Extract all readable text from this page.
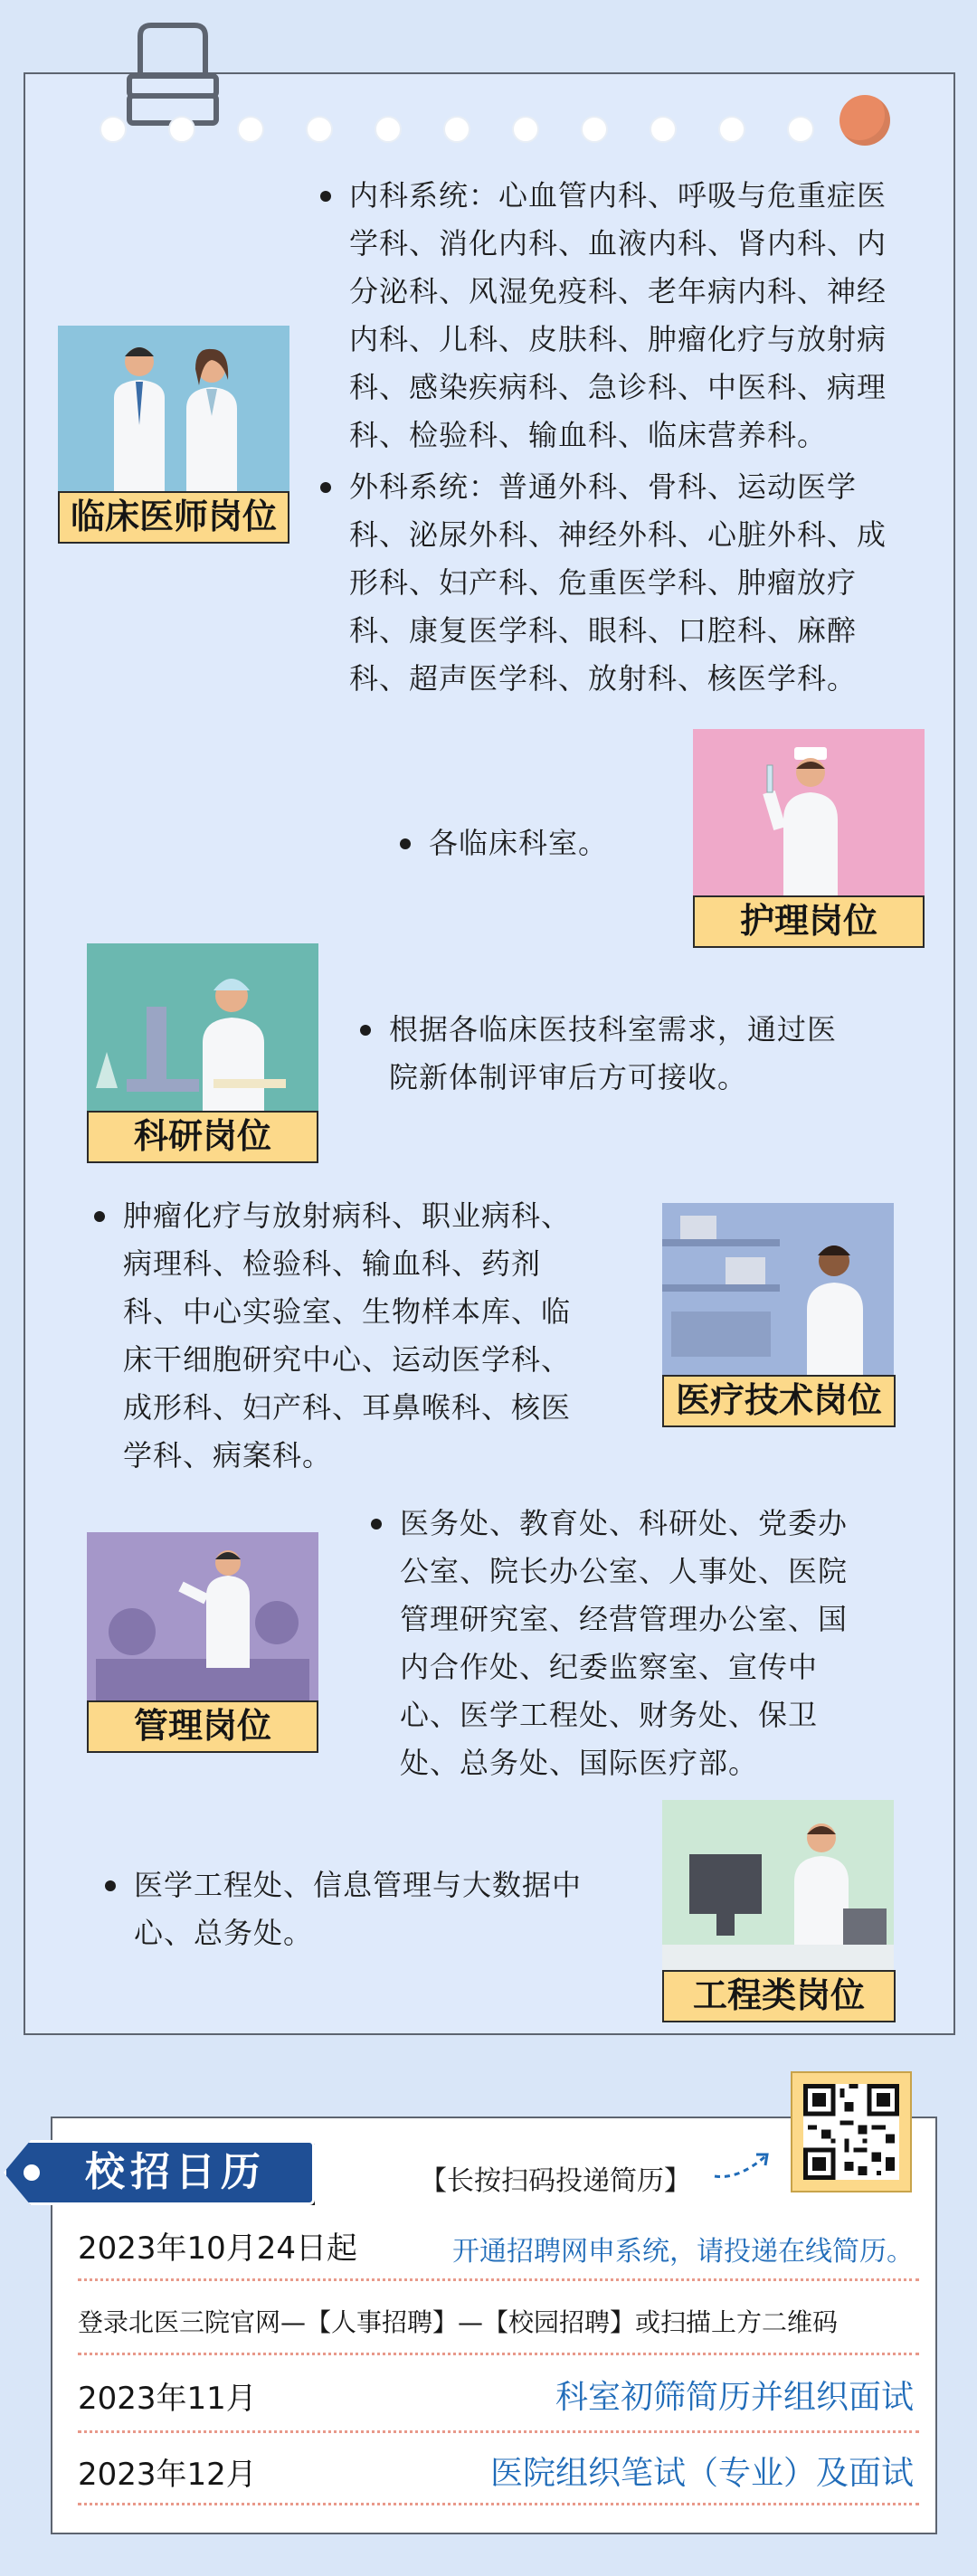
临床医师岗位
内科系统：心血管内科、呼吸与危重症医
学科、消化内科、血液内科、肾内科、内
分泌科、风湿免疫科、老年病内科、神经
内科、儿科、皮肤科、肿瘤化疗与放射病
科、感染疾病科、急诊科、中医科、病理
科、检验科、输血科、临床营养科。
外科系统：普通外科、骨科、运动医学
科、泌尿外科、神经外科、心脏外科、成
形科、妇产科、危重医学科、肿瘤放疗
科、康复医学科、眼科、口腔科、麻醉
科、超声医学科、放射科、核医学科。
护理岗位
各临床科室。
科研岗位
根据各临床医技科室需求，通过医
院新体制评审后方可接收。
肿瘤化疗与放射病科、职业病科、
病理科、检验科、输血科、药剂
科、中心实验室、生物样本库、临
床干细胞研究中心、运动医学科、
成形科、妇产科、耳鼻喉科、核医
学科、病案科。
医疗技术岗位
管理岗位
医务处、教育处、科研处、党委办
公室、院长办公室、人事处、医院
管理研究室、经营管理办公室、国
内合作处、纪委监察室、宣传中
心、医学工程处、财务处、保卫
处、总务处、国际医疗部。
医学工程处、信息管理与大数据中
心、总务处。
工程类岗位
校招日历	【长按扫码投递简历】
2023年10月24日起	开通招聘网申系统，请投递在线简历。
登录北医三院官网—【人事招聘】—【校园招聘】或扫描上方二维码
2023年11月	科室初筛简历并组织面试
2023年12月	医院组织笔试（专业）及面试
